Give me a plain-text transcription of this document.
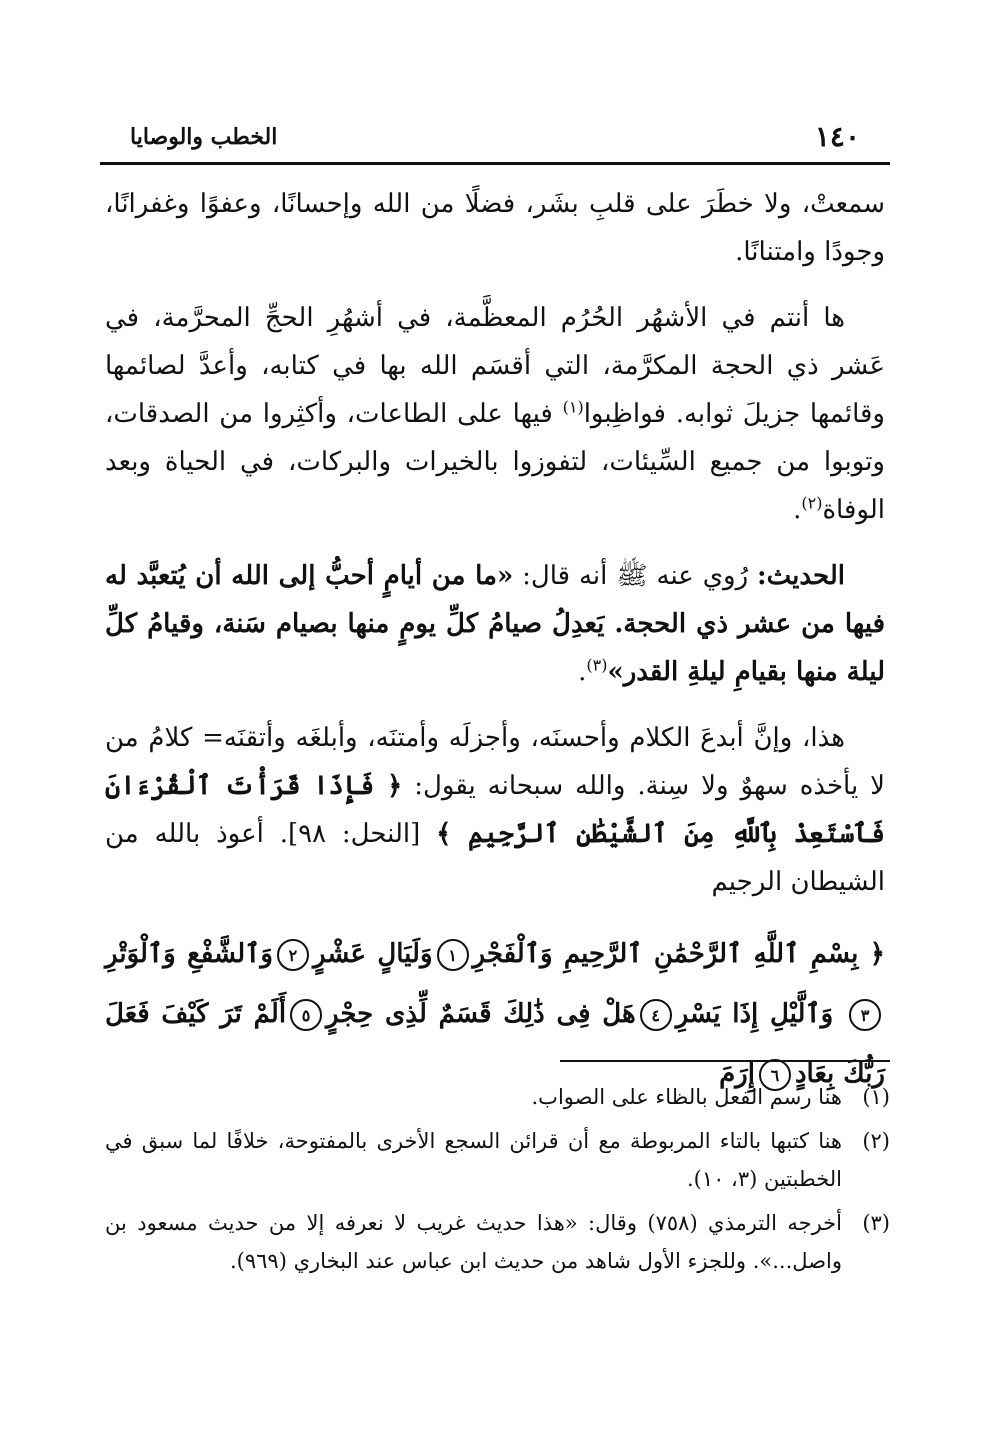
١٤٠
الخطب والوصايا

سمعتْ، ولا خطَرَ على قلبِ بشَر، فضلًا من الله وإحسانًا، وعفوًا وغفرانًا، وجودًا وامتنانًا.

ها أنتم في الأشهُر الحُرُم المعظَّمة، في أشهُرِ الحجِّ المحرَّمة، في عَشر ذي الحجة المكرَّمة، التي أقسَم الله بها في كتابه، وأعدَّ لصائمها وقائمها جزيلَ ثوابه. فواظِبوا$^{(١)}$ فيها على الطاعات، وأكثِروا من الصدقات، وتوبوا من جميع السِّيئات، لتفوزوا بالخيرات والبركات، في الحياة وبعد الوفاة$^{(٢)}$.

الحديث: رُوي عنه ﷺ أنه قال: «ما من أيامٍ أحبُّ إلى الله أن يُتعبَّد له فيها من عشر ذي الحجة. يَعدِلُ صيامُ كلِّ يومٍ منها بصيام سَنة، وقيامُ كلِّ ليلة منها بقيامِ ليلةِ القدر»$^{(٣)}$.

هذا، وإنَّ أبدعَ الكلام وأحسنَه، وأجزلَه وأمتنَه، وأبلغَه وأتقنَه= كلامُ من لا يأخذه سهوٌ ولا سِنة. والله سبحانه يقول: ﴿ فَإِذَا قَرَأْتَ ٱلْقُرْءَانَ فَٱسْتَعِذْ بِٱللَّهِ مِنَ ٱلشَّيْطَٰنِ ٱلرَّجِيمِ ﴾ [النحل: ٩٨]. أعوذ بالله من الشيطان الرجيم

﴿ بِسْمِ ٱللَّهِ ٱلرَّحْمَٰنِ ٱلرَّحِيمِ وَٱلْفَجْرِ١وَلَيَالٍ عَشْرٍ٢وَٱلشَّفْعِ وَٱلْوَتْرِ٣ وَٱلَّيْلِ إِذَا يَسْرِ٤هَلْ فِى ذَٰلِكَ قَسَمٌ لِّذِى حِجْرٍ٥أَلَمْ تَرَ كَيْفَ فَعَلَ رَبُّكَ بِعَادٍ٦إِرَمَ
(١)
هنا رسم الفعل بالظاء على الصواب.
(٢)
هنا كتبها بالتاء المربوطة مع أن قرائن السجع الأخرى بالمفتوحة، خلافًا لما سبق في الخطبتين (٣، ١٠).
(٣)
أخرجه الترمذي (٧٥٨) وقال: «هذا حديث غريب لا نعرفه إلا من حديث مسعود بن واصل...». وللجزء الأول شاهد من حديث ابن عباس عند البخاري (٩٦٩).
